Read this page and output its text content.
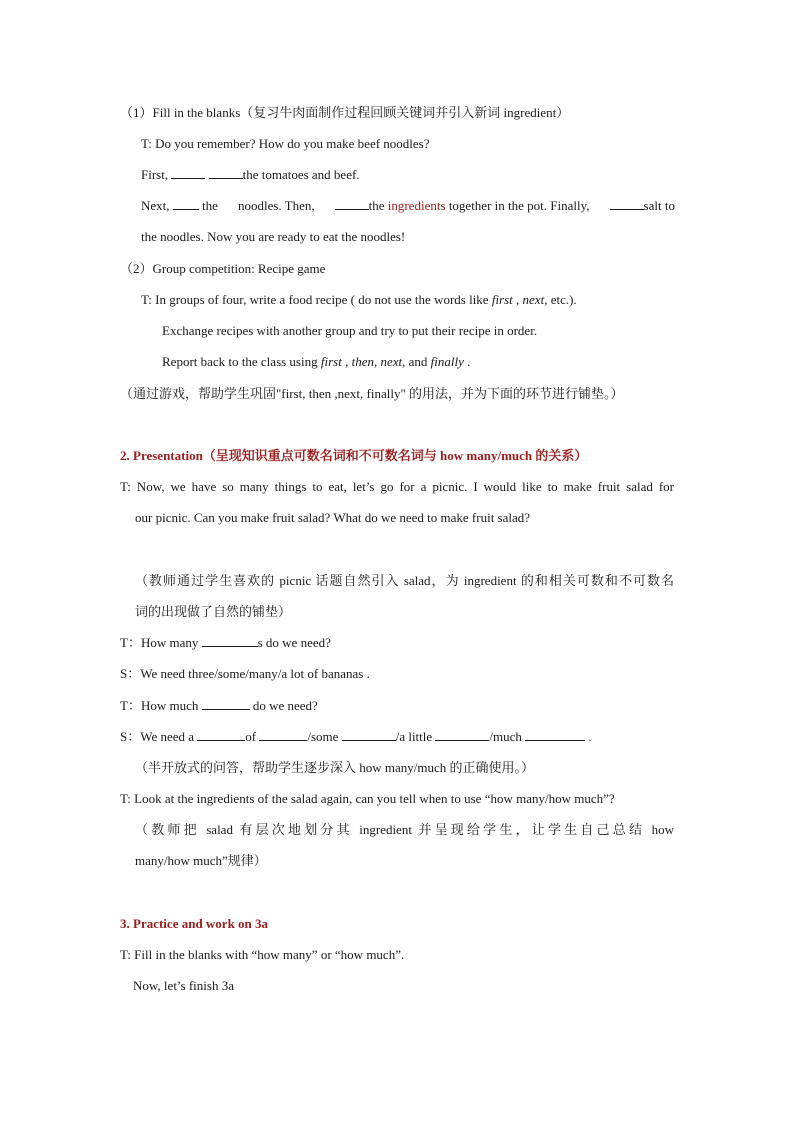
（1）Fill in the blanks（复习牛肉面制作过程回顾关键词并引入新词 ingredient）
T: Do you remember? How do you make beef noodles?
First,	the tomatoes and beef.
Next,	the noodles. Then,	the ingredients together in the pot. Finally,	salt to
the noodles. Now you are ready to eat the noodles!
（2）Group competition: Recipe game
T: In groups of four, write a food recipe ( do not use the words like first , next, etc.).
Exchange recipes with another group and try to put their recipe in order.
Report back to the class using first , then, next, and finally .
（通过游戏，帮助学生巩固"first, then ,next, finally" 的用法，并为下面的环节进行铺垫。）
2. Presentation（呈现知识重点可数名词和不可数名词与 how many/much 的关系）
T: Now, we have so many things to eat, let’s go for a picnic. I would like to make fruit salad for
our picnic. Can you make fruit salad? What do we need to make fruit salad?
（教师通过学生喜欢的 picnic 话题自然引入 salad，为 ingredient 的和相关可数和不可数名
词的出现做了自然的铺垫）
T：How many	s do we need?
S：We need three/some/many/a lot of bananas .
T：How much	do we need?
S：We need a	of	/some	/a little	/much	.
（半开放式的问答，帮助学生逐步深入 how many/much 的正确使用。）
T: Look at the ingredients of the salad again, can you tell when to use “how many/how much”?
（教师把 salad 有层次地划分其 ingredient 并呈现给学生，让学生自己总结 how
many/how much”规律）
3. Practice and work on 3a
T: Fill in the blanks with “how many” or “how much”.
Now, let’s finish 3a
